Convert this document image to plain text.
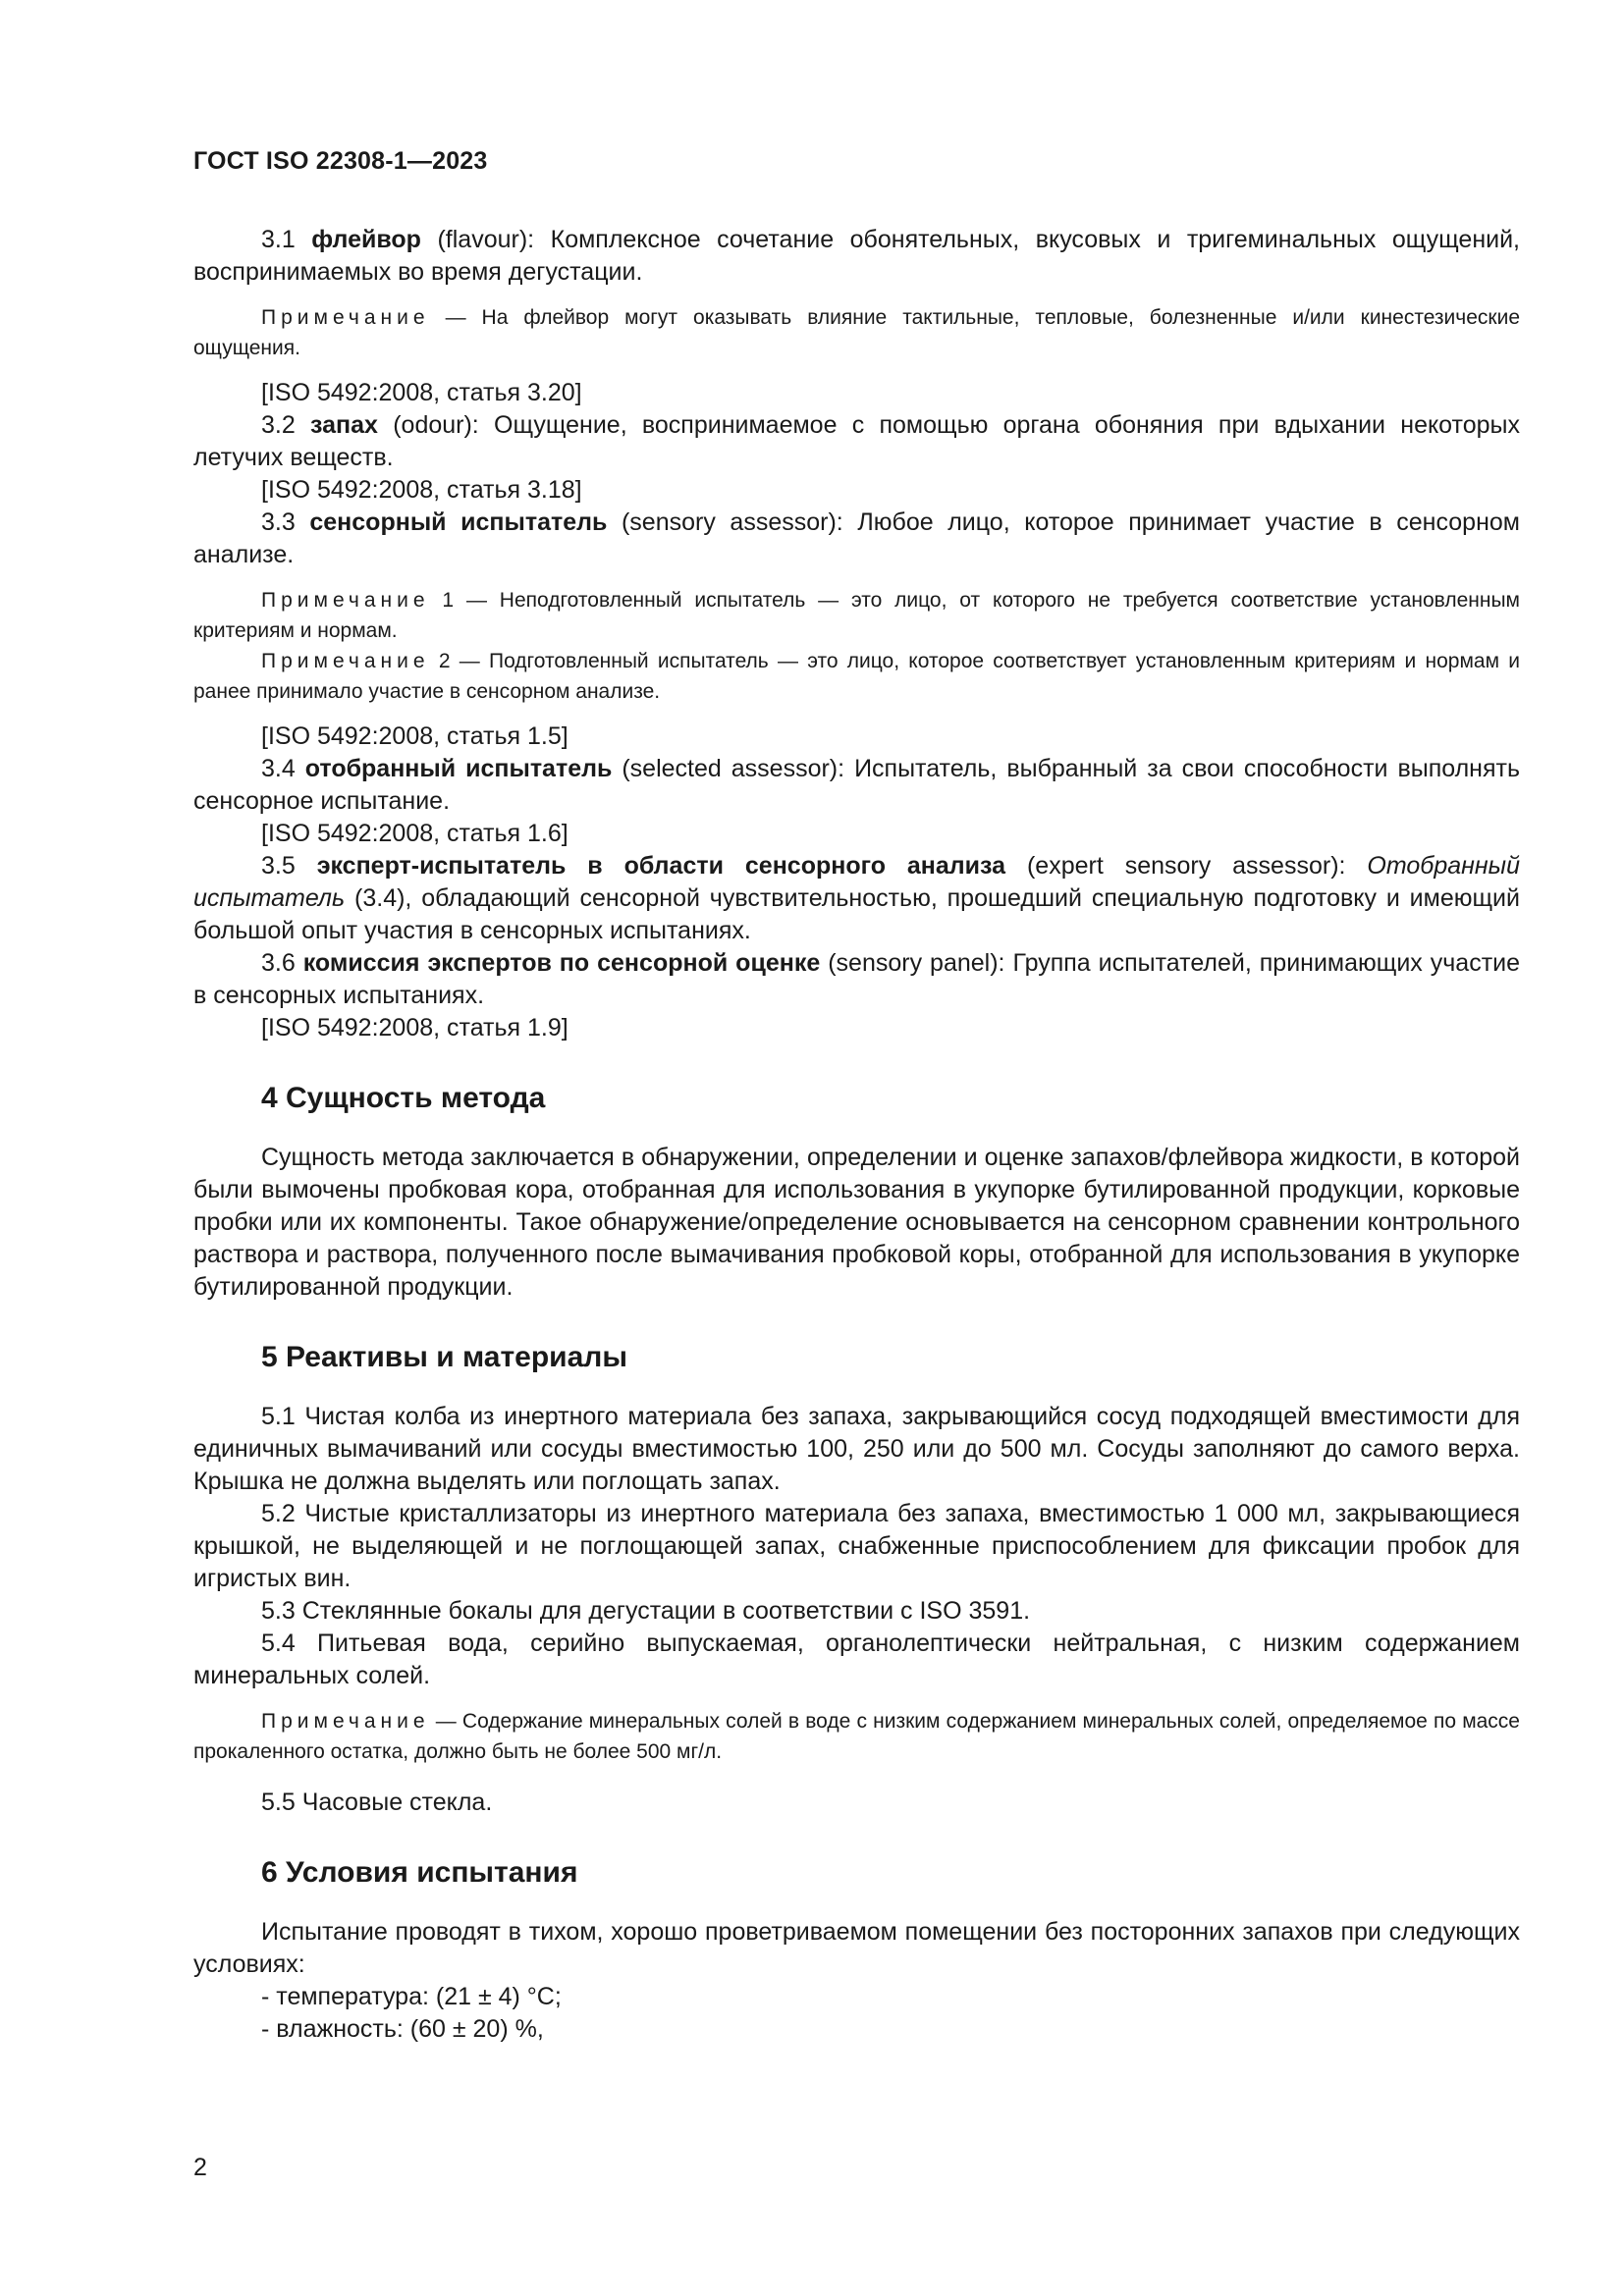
ГОСТ ISO 22308-1—2023

3.1 флейвор (flavour): Комплексное сочетание обонятельных, вкусовых и тригеминальных ощущений, воспринимаемых во время дегустации.

Примечание — На флейвор могут оказывать влияние тактильные, тепловые, болезненные и/или кинестезические ощущения.

[ISO 5492:2008, статья 3.20]

3.2 запах (odour): Ощущение, воспринимаемое с помощью органа обоняния при вдыхании некоторых летучих веществ.

[ISO 5492:2008, статья 3.18]

3.3 сенсорный испытатель (sensory assessor): Любое лицо, которое принимает участие в сенсорном анализе.

Примечание 1 — Неподготовленный испытатель — это лицо, от которого не требуется соответствие установленным критериям и нормам.

Примечание 2 — Подготовленный испытатель — это лицо, которое соответствует установленным критериям и нормам и ранее принимало участие в сенсорном анализе.

[ISO 5492:2008, статья 1.5]

3.4 отобранный испытатель (selected assessor): Испытатель, выбранный за свои способности выполнять сенсорное испытание.

[ISO 5492:2008, статья 1.6]

3.5 эксперт-испытатель в области сенсорного анализа (expert sensory assessor): Отобранный испытатель (3.4), обладающий сенсорной чувствительностью, прошедший специальную подготовку и имеющий большой опыт участия в сенсорных испытаниях.

3.6 комиссия экспертов по сенсорной оценке (sensory panel): Группа испытателей, принимающих участие в сенсорных испытаниях.

[ISO 5492:2008, статья 1.9]

4 Сущность метода

Сущность метода заключается в обнаружении, определении и оценке запахов/флейвора жидкости, в которой были вымочены пробковая кора, отобранная для использования в укупорке бутилированной продукции, корковые пробки или их компоненты. Такое обнаружение/определение основывается на сенсорном сравнении контрольного раствора и раствора, полученного после вымачивания пробковой коры, отобранной для использования в укупорке бутилированной продукции.

5 Реактивы и материалы

5.1 Чистая колба из инертного материала без запаха, закрывающийся сосуд подходящей вместимости для единичных вымачиваний или сосуды вместимостью 100, 250 или до 500 мл. Сосуды заполняют до самого верха. Крышка не должна выделять или поглощать запах.

5.2 Чистые кристаллизаторы из инертного материала без запаха, вместимостью 1 000 мл, закрывающиеся крышкой, не выделяющей и не поглощающей запах, снабженные приспособлением для фиксации пробок для игристых вин.

5.3 Стеклянные бокалы для дегустации в соответствии с ISO 3591.

5.4 Питьевая вода, серийно выпускаемая, органолептически нейтральная, с низким содержанием минеральных солей.

Примечание — Содержание минеральных солей в воде с низким содержанием минеральных солей, определяемое по массе прокаленного остатка, должно быть не более 500 мг/л.

5.5 Часовые стекла.

6 Условия испытания

Испытание проводят в тихом, хорошо проветриваемом помещении без посторонних запахов при следующих условиях:

- температура: (21 ± 4) °C;

- влажность: (60 ± 20) %,

2
